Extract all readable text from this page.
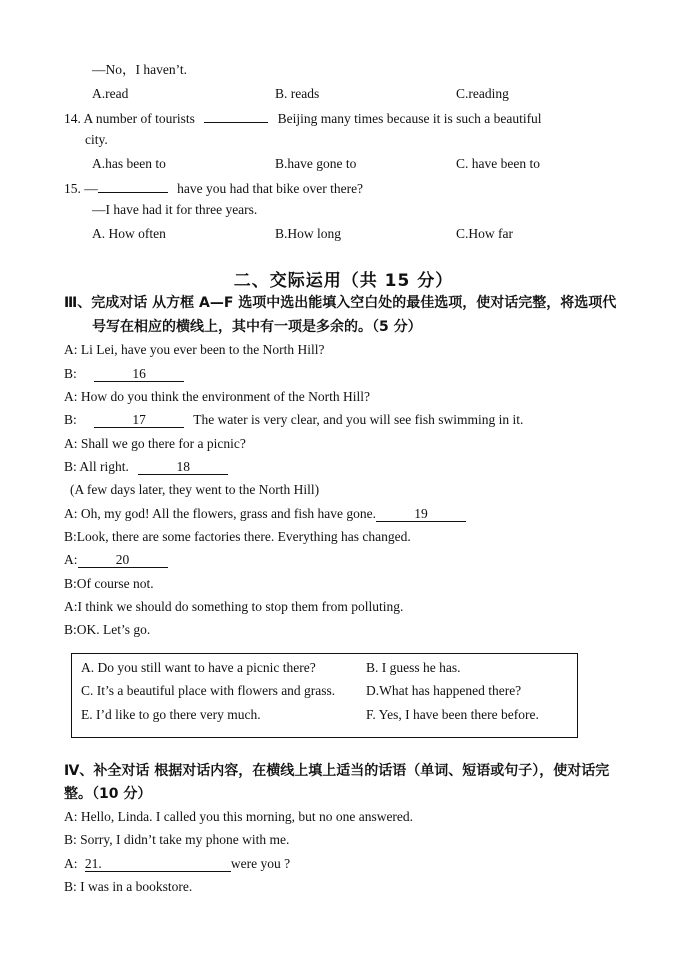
—No，I haven’t.
A.read	B. reads	C.reading
14. A number of tourists	Beijing many times because it is such a beautiful
city.
A.has been to	B.have gone to	C. have been to
15. —	have you had that bike over there?
—I have had it for three years.
A. How often	B.How long	C.How far
二、交际运用（共 15 分）
Ⅲ、完成对话 从方框 A—F 选项中选出能填入空白处的最佳选项，使对话完整，将选项代
号写在相应的横线上，其中有一项是多余的。（5 分）
A: Li Lei, have you ever been to the North Hill?
B:	16
A: How do you think the environment of the North Hill?
B:	17	The water is very clear, and you will see fish swimming in it.
A: Shall we go there for a picnic?
B: All right.	18
(A few days later, they went to the North Hill)
A: Oh, my god! All the flowers, grass and fish have gone.	19
B:Look, there are some factories there. Everything has changed.
A:	20
B:Of course not.
A:I think we should do something to stop them from polluting.
B:OK. Let’s go.
A. Do you still want to have a picnic there?	B. I guess he has.
C. It’s a beautiful place with flowers and grass. D.What has happened there?
E. I’d like to go there very much.	F. Yes, I have been there before.
Ⅳ、补全对话 根据对话内容，在横线上填上适当的话语（单词、短语或句子），使对话完
整。（10 分）
A: Hello, Linda. I called you this morning, but no one answered.
B: Sorry, I didn’t take my phone with me.
A: 21.	were you ?
B: I was in a bookstore.
